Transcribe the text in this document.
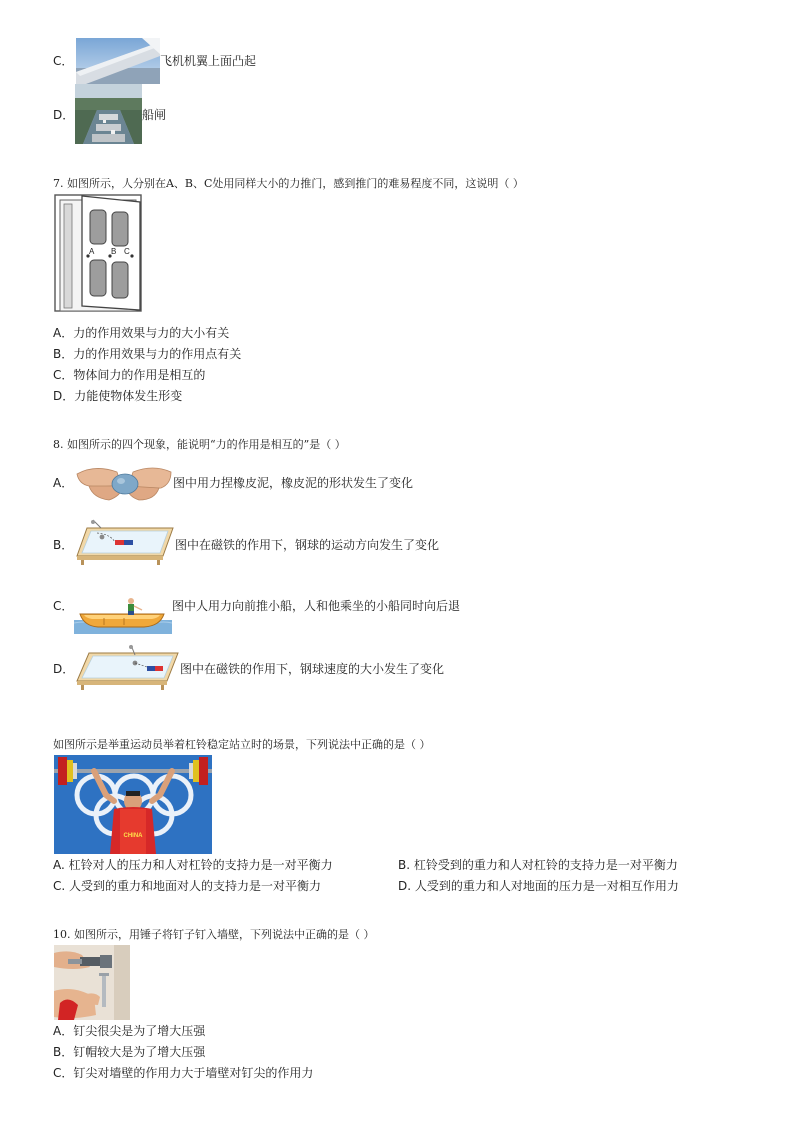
C．	飞机机翼上面凸起
D．	船闸
7. 如图所示，人分别在A、B、C处用同样大小的力推门，感到推门的难易程度不同，这说明（ ）
A B C
A．力的作用效果与力的大小有关
B．力的作用效果与力的作用点有关
C．物体间力的作用是相互的
D．力能使物体发生形变
8. 如图所示的四个现象，能说明“力的作用是相互的”是（ ）
A．	图中用力捏橡皮泥，橡皮泥的形状发生了变化
B．	图中在磁铁的作用下，钢球的运动方向发生了变化
C．	图中人用力向前推小船，人和他乘坐的小船同时向后退
D．	图中在磁铁的作用下，钢球速度的大小发生了变化
如图所示是举重运动员举着杠铃稳定站立时的场景，下列说法中正确的是（ ）
CHINA
A. 杠铃对人的压力和人对杠铃的支持力是一对平衡力	B. 杠铃受到的重力和人对杠铃的支持力是一对平衡力
C. 人受到的重力和地面对人的支持力是一对平衡力	D. 人受到的重力和人对地面的压力是一对相互作用力
10. 如图所示，用锤子将钉子钉入墙壁，下列说法中正确的是（ ）
A．钉尖很尖是为了增大压强
B．钉帽较大是为了增大压强
C．钉尖对墙壁的作用力大于墙壁对钉尖的作用力
